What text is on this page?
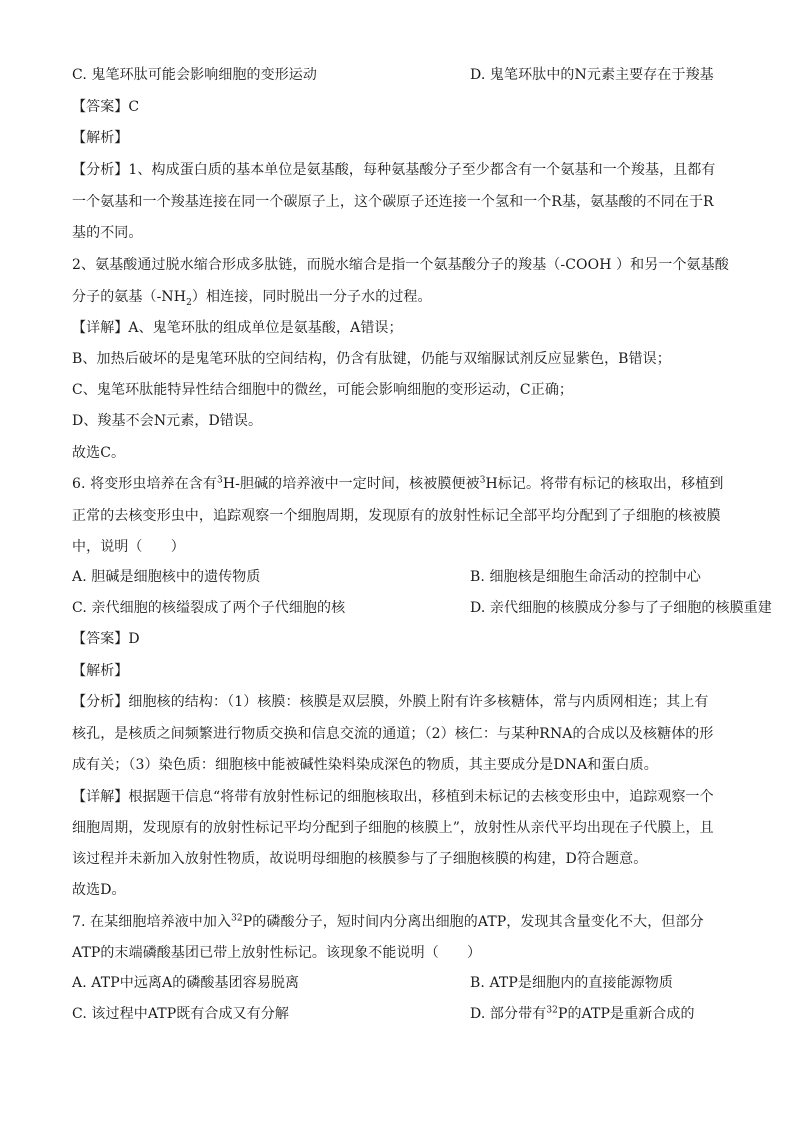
C. 鬼笔环肽可能会影响细胞的变形运动	D. 鬼笔环肽中的N元素主要存在于羧基
【答案】C
【解析】
【分析】1、构成蛋白质的基本单位是氨基酸，每种氨基酸分子至少都含有一个氨基和一个羧基，且都有
一个氨基和一个羧基连接在同一个碳原子上，这个碳原子还连接一个氢和一个R基，氨基酸的不同在于R
基的不同。
2、氨基酸通过脱水缩合形成多肽链，而脱水缩合是指一个氨基酸分子的羧基（-COOH ）和另一个氨基酸
分子的氨基$(-NH_2)$相连接，同时脱出一分子水的过程。
【详解】A、鬼笔环肽的组成单位是氨基酸，A错误；
B、加热后破坏的是鬼笔环肽的空间结构，仍含有肽键，仍能与双缩脲试剂反应显紫色，B错误；
C、鬼笔环肽能特异性结合细胞中的微丝，可能会影响细胞的变形运动，C正确；
D、羧基不会N元素，D错误。
故选C。
6. 将变形虫培养在含有$^3$H-胆碱的培养液中一定时间，核被膜便被$^3$H标记。将带有标记的核取出，移植到
正常的去核变形虫中，追踪观察一个细胞周期，发现原有的放射性标记全部平均分配到了子细胞的核被膜
中，说明（　　）
A. 胆碱是细胞核中的遗传物质	B. 细胞核是细胞生命活动的控制中心
C. 亲代细胞的核缢裂成了两个子代细胞的核	D. 亲代细胞的核膜成分参与了子细胞的核膜重建
【答案】D
【解析】
【分析】细胞核的结构：（1）核膜：核膜是双层膜，外膜上附有许多核糖体，常与内质网相连；其上有
核孔，是核质之间频繁进行物质交换和信息交流的通道；（2）核仁：与某种RNA的合成以及核糖体的形
成有关；（3）染色质：细胞核中能被碱性染料染成深色的物质，其主要成分是DNA和蛋白质。
【详解】根据题干信息“将带有放射性标记的细胞核取出，移植到未标记的去核变形虫中，追踪观察一个
细胞周期，发现原有的放射性标记平均分配到子细胞的核膜上”，放射性从亲代平均出现在子代膜上，且
该过程并未新加入放射性物质，故说明母细胞的核膜参与了子细胞核膜的构建，D符合题意。
故选D。
7. 在某细胞培养液中加入$^{32}$P的磷酸分子，短时间内分离出细胞的ATP，发现其含量变化不大，但部分
ATP的末端磷酸基团已带上放射性标记。该现象不能说明（　　）
A. ATP中远离A的磷酸基团容易脱离	B. ATP是细胞内的直接能源物质
C. 该过程中ATP既有合成又有分解	D. 部分带有$^{32}$P的ATP是重新合成的
